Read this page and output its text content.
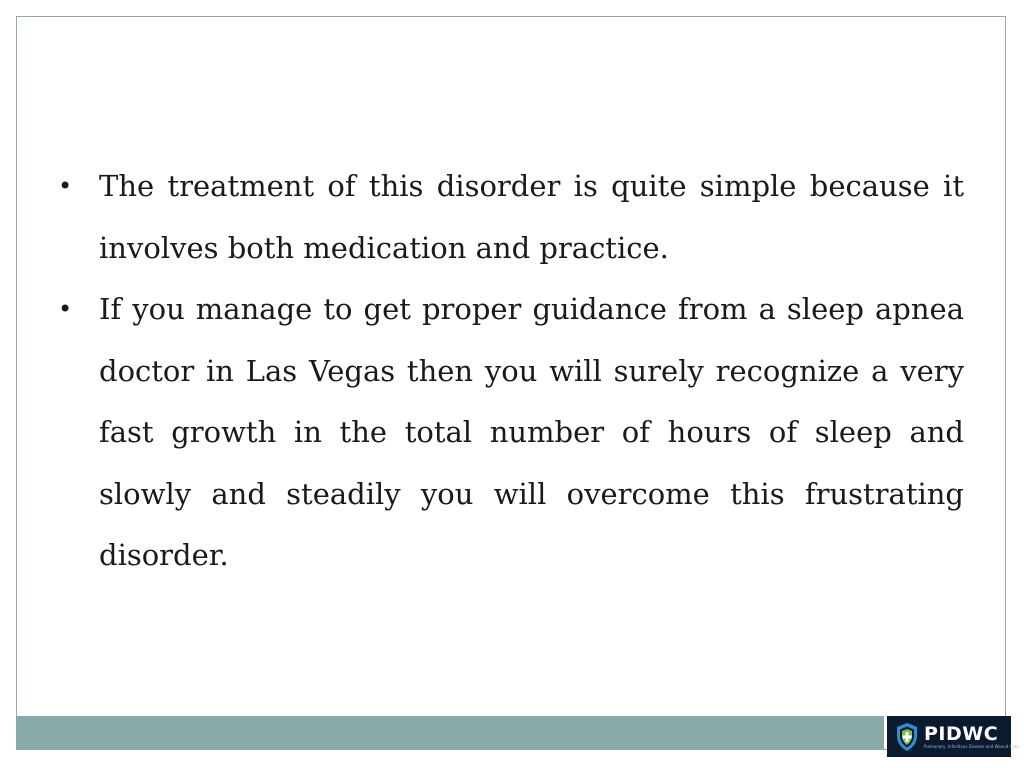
• The treatment of this disorder is quite simple because it involves both medication and practice.
• If you manage to get proper guidance from a sleep apnea doctor in Las Vegas then you will surely recognize a very fast growth in the total number of hours of sleep and slowly and steadily you will overcome this frustrating disorder.
PIDWC
Pulmonary, Infectious Disease and Wound Care
